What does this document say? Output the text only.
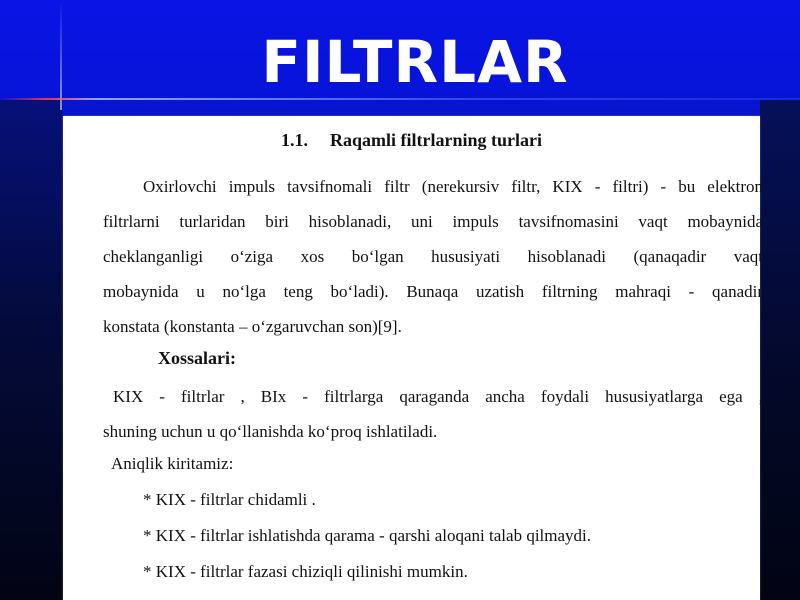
FILTRLAR
1.1. Raqamli filtrlarning turlari
Oxirlovchi impuls tavsifnomali filtr (nerekursiv filtr, KIX - filtri) - bu elektron
filtrlarni turlaridan biri hisoblanadi, uni impuls tavsifnomasini vaqt mobaynida
cheklanganligi o‘ziga xos bo‘lgan hususiyati hisoblanadi (qanaqadir vaqt
mobaynida u no‘lga teng bo‘ladi). Bunaqa uzatish filtrning mahraqi - qanadir
konstata (konstanta – o‘zgaruvchan son)[9].
Xossalari:
KIX - filtrlar , BIx - filtrlarga qaraganda ancha foydali hususiyatlarga ega ,
shuning uchun u qo‘llanishda ko‘proq ishlatiladi.
Aniqlik kiritamiz:
* KIX - filtrlar chidamli .
* KIX - filtrlar ishlatishda qarama - qarshi aloqani talab qilmaydi.
* KIX - filtrlar fazasi chiziqli qilinishi mumkin.
